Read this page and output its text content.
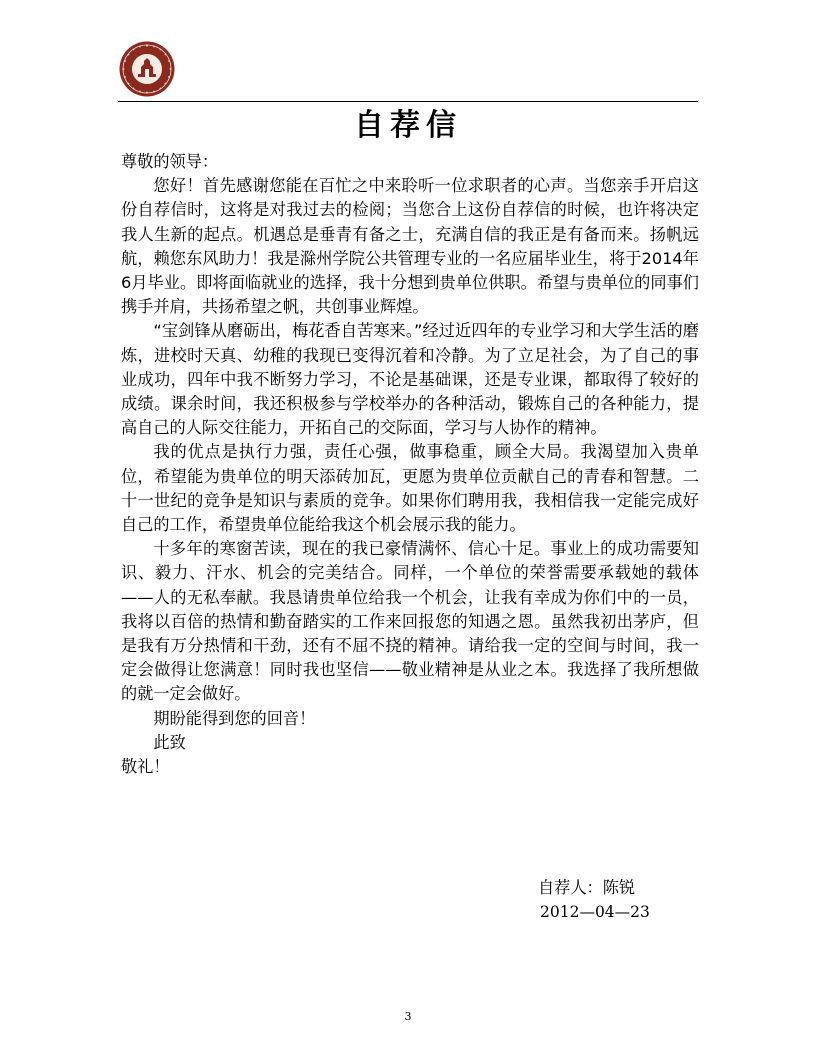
自荐信

尊敬的领导：

您好！首先感谢您能在百忙之中来聆听一位求职者的心声。当您亲手开启这份自荐信时，这将是对我过去的检阅；当您合上这份自荐信的时候，也许将决定我人生新的起点。机遇总是垂青有备之士，充满自信的我正是有备而来。扬帆远航，赖您东风助力！我是滁州学院公共管理专业的一名应届毕业生，将于2014年6月毕业。即将面临就业的选择，我十分想到贵单位供职。希望与贵单位的同事们携手并肩，共扬希望之帆，共创事业辉煌。

“宝剑锋从磨砺出，梅花香自苦寒来。”经过近四年的专业学习和大学生活的磨炼，进校时天真、幼稚的我现已变得沉着和冷静。为了立足社会，为了自己的事业成功，四年中我不断努力学习，不论是基础课，还是专业课，都取得了较好的成绩。课余时间，我还积极参与学校举办的各种活动，锻炼自己的各种能力，提高自己的人际交往能力，开拓自己的交际面，学习与人协作的精神。

我的优点是执行力强，责任心强，做事稳重，顾全大局。我渴望加入贵单位，希望能为贵单位的明天添砖加瓦，更愿为贵单位贡献自己的青春和智慧。二十一世纪的竞争是知识与素质的竞争。如果你们聘用我，我相信我一定能完成好自己的工作，希望贵单位能给我这个机会展示我的能力。

十多年的寒窗苦读，现在的我已豪情满怀、信心十足。事业上的成功需要知识、毅力、汗水、机会的完美结合。同样，一个单位的荣誉需要承载她的载体——人的无私奉献。我恳请贵单位给我一个机会，让我有幸成为你们中的一员，我将以百倍的热情和勤奋踏实的工作来回报您的知遇之恩。虽然我初出茅庐，但是我有万分热情和干劲，还有不屈不挠的精神。请给我一定的空间与时间，我一定会做得让您满意！同时我也坚信——敬业精神是从业之本。我选择了我所想做的就一定会做好。

期盼能得到您的回音！

此致

敬礼！

自荐人：陈锐
2012—04—23
3
